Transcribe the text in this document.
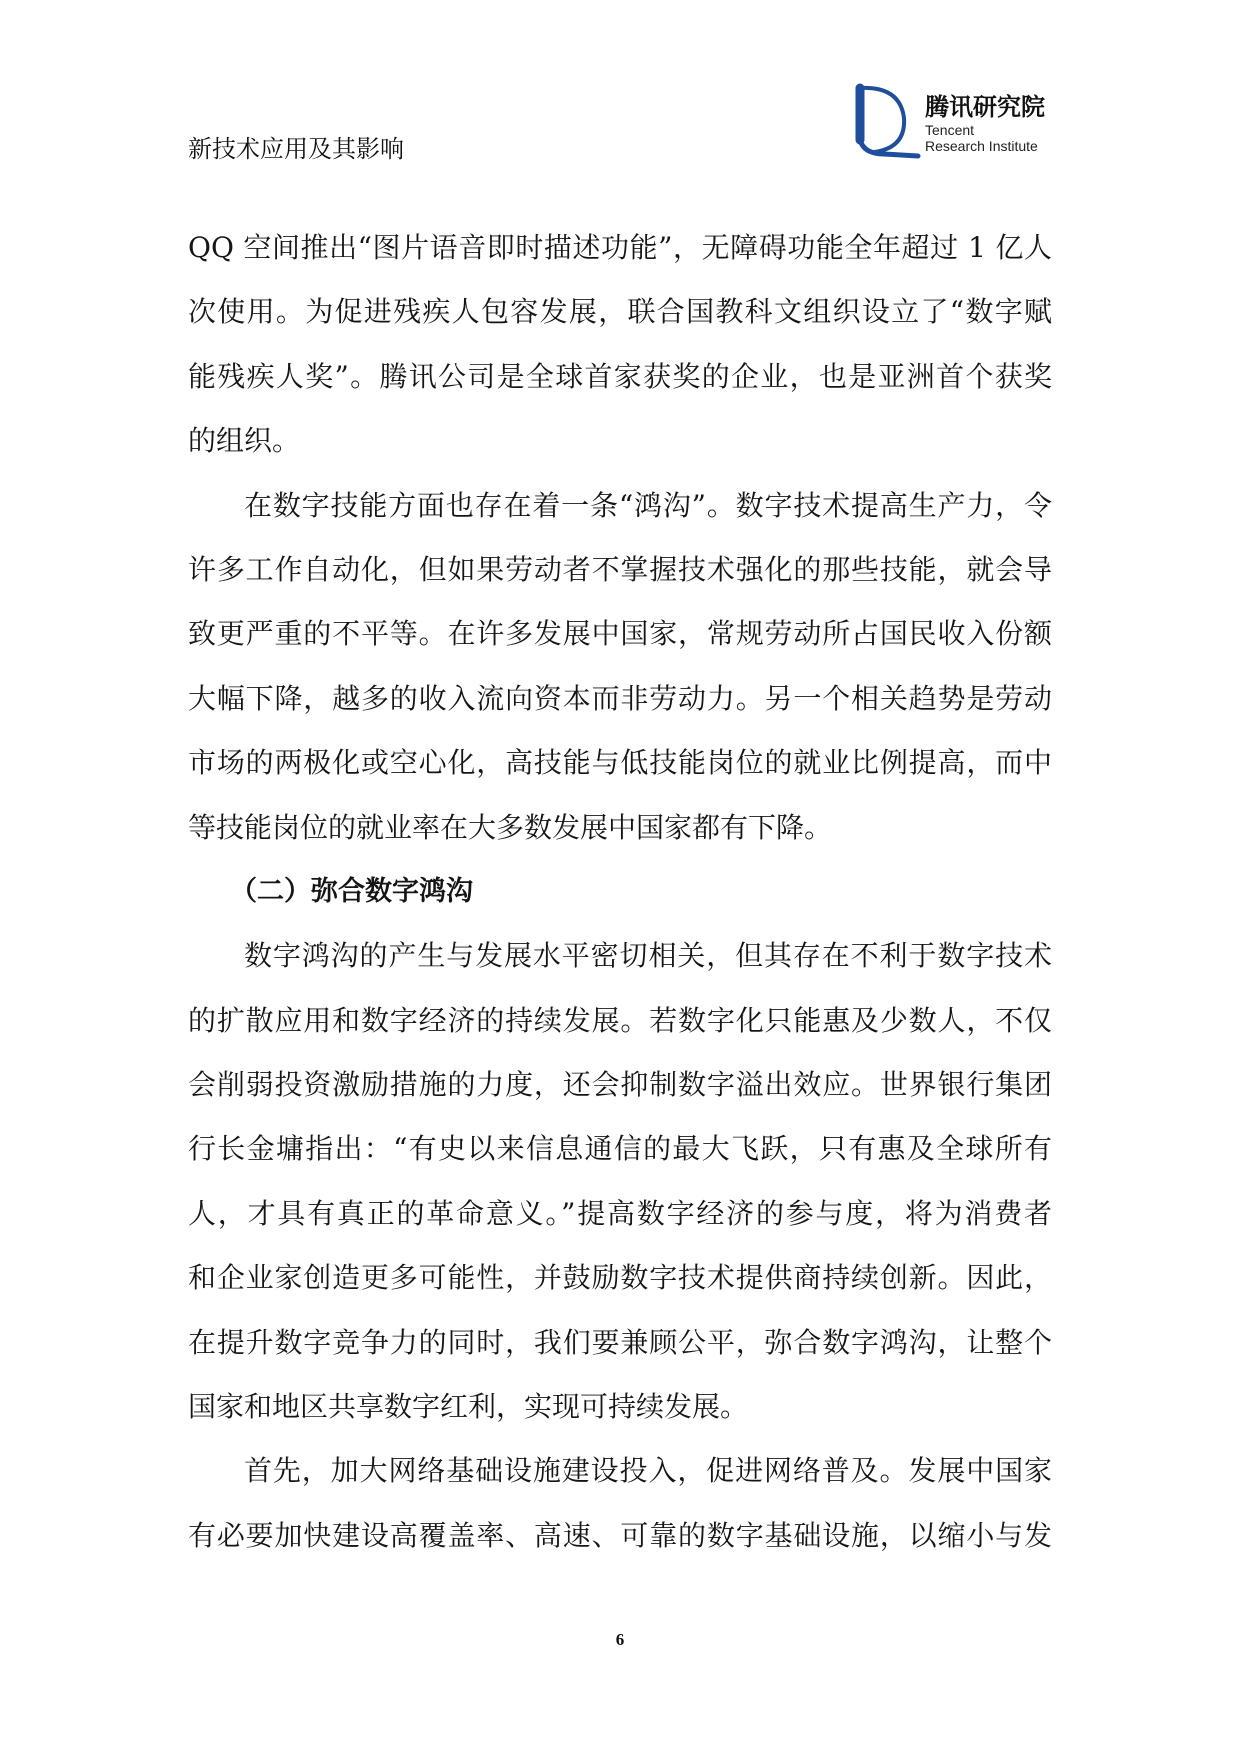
新技术应用及其影响
腾讯研究院
Tencent
Research Institute
QQ 空间推出“图片语音即时描述功能”，无障碍功能全年超过 1 亿人
次使用。为促进残疾人包容发展，联合国教科文组织设立了“数字赋
能残疾人奖”。腾讯公司是全球首家获奖的企业，也是亚洲首个获奖
的组织。
在数字技能方面也存在着一条“鸿沟”。数字技术提高生产力，令
许多工作自动化，但如果劳动者不掌握技术强化的那些技能，就会导
致更严重的不平等。在许多发展中国家，常规劳动所占国民收入份额
大幅下降，越多的收入流向资本而非劳动力。另一个相关趋势是劳动
市场的两极化或空心化，高技能与低技能岗位的就业比例提高，而中
等技能岗位的就业率在大多数发展中国家都有下降。
（二）弥合数字鸿沟
数字鸿沟的产生与发展水平密切相关，但其存在不利于数字技术
的扩散应用和数字经济的持续发展。若数字化只能惠及少数人，不仅
会削弱投资激励措施的力度，还会抑制数字溢出效应。世界银行集团
行长金墉指出：“有史以来信息通信的最大飞跃，只有惠及全球所有
人，才具有真正的革命意义。”提高数字经济的参与度，将为消费者
和企业家创造更多可能性，并鼓励数字技术提供商持续创新。因此，
在提升数字竞争力的同时，我们要兼顾公平，弥合数字鸿沟，让整个
国家和地区共享数字红利，实现可持续发展。
首先，加大网络基础设施建设投入，促进网络普及。发展中国家
有必要加快建设高覆盖率、高速、可靠的数字基础设施，以缩小与发
6
